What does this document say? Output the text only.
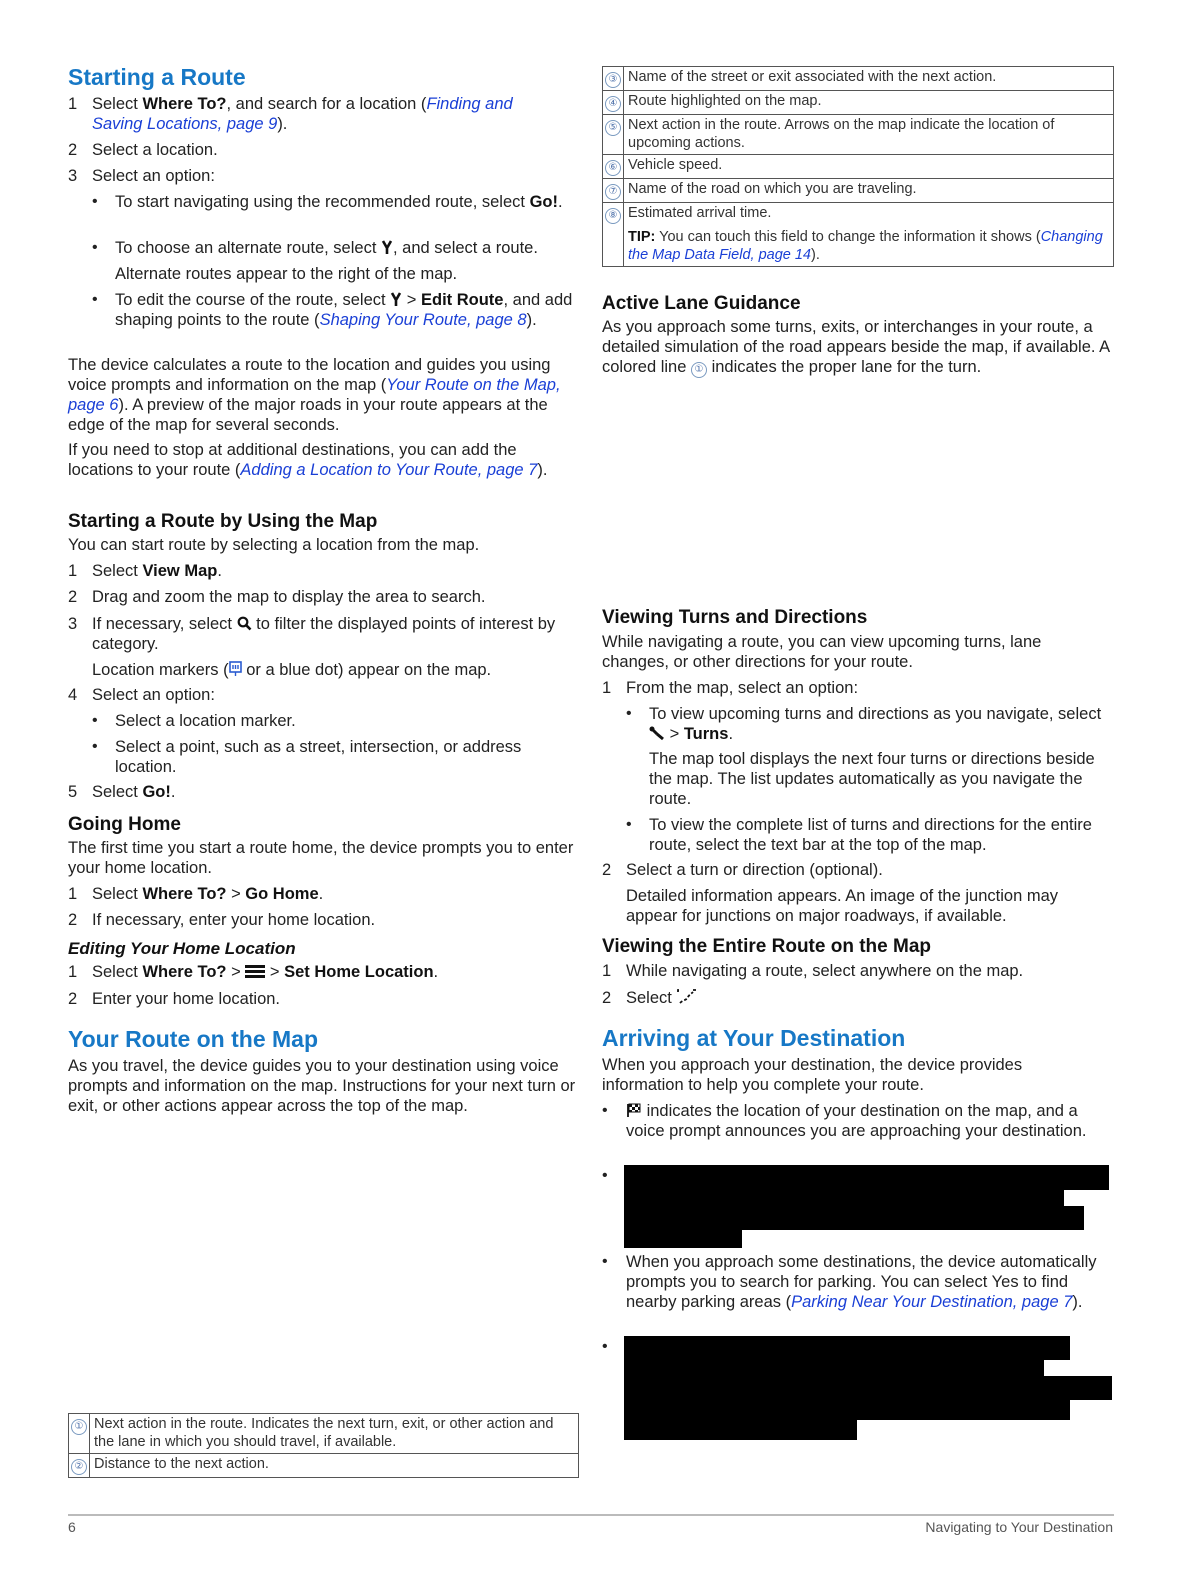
Starting a Route
1 Select Where To?, and search for a location (Finding and Saving Locations, page 9).
2 Select a location.
3 Select an option:
• To start navigating using the recommended route, select Go!.
• To choose an alternate route, select , and select a route.
Alternate routes appear to the right of the map.
• To edit the course of the route, select  > Edit Route, and add shaping points to the route (Shaping Your Route, page 8).
The device calculates a route to the location and guides you using voice prompts and information on the map (Your Route on the Map, page 6). A preview of the major roads in your route appears at the edge of the map for several seconds.
If you need to stop at additional destinations, you can add the locations to your route (Adding a Location to Your Route, page 7).
Starting a Route by Using the Map
You can start route by selecting a location from the map.
1 Select View Map.
2 Drag and zoom the map to display the area to search.
3 If necessary, select  to filter the displayed points of interest by category.
Location markers ( or a blue dot) appear on the map.
4 Select an option:
• Select a location marker.
• Select a point, such as a street, intersection, or address location.
5 Select Go!.
Going Home
The first time you start a route home, the device prompts you to enter your home location.
1 Select Where To? > Go Home.
2 If necessary, enter your home location.
Editing Your Home Location
1 Select Where To? >  > Set Home Location.
2 Enter your home location.
Your Route on the Map
As you travel, the device guides you to your destination using voice prompts and information on the map. Instructions for your next turn or exit, or other actions appear across the top of the map.
①	Next action in the route. Indicates the next turn, exit, or other action and the lane in which you should travel, if available.
②	Distance to the next action.
③	Name of the street or exit associated with the next action.
④	Route highlighted on the map.
⑤	Next action in the route. Arrows on the map indicate the location of upcoming actions.
⑥	Vehicle speed.
⑦	Name of the road on which you are traveling.
⑧	Estimated arrival time.
TIP: You can touch this field to change the information it shows (Changing the Map Data Field, page 14).
Active Lane Guidance
As you approach some turns, exits, or interchanges in your route, a detailed simulation of the road appears beside the map, if available. A colored line ① indicates the proper lane for the turn.
Viewing Turns and Directions
While navigating a route, you can view upcoming turns, lane changes, or other directions for your route.
1 From the map, select an option:
• To view upcoming turns and directions as you navigate, select  > Turns.
The map tool displays the next four turns or directions beside the map. The list updates automatically as you navigate the route.
• To view the complete list of turns and directions for the entire route, select the text bar at the top of the map.
2 Select a turn or direction (optional).
Detailed information appears. An image of the junction may appear for junctions on major roadways, if available.
Viewing the Entire Route on the Map
1 While navigating a route, select anywhere on the map.
2 Select
Arriving at Your Destination
When you approach your destination, the device provides information to help you complete your route.
•	indicates the location of your destination on the map, and a voice prompt announces you are approaching your destination.
•
• When you approach some destinations, the device automatically prompts you to search for parking. You can select Yes to find nearby parking areas (Parking Near Your Destination, page 7).
•
6	Navigating to Your Destination
